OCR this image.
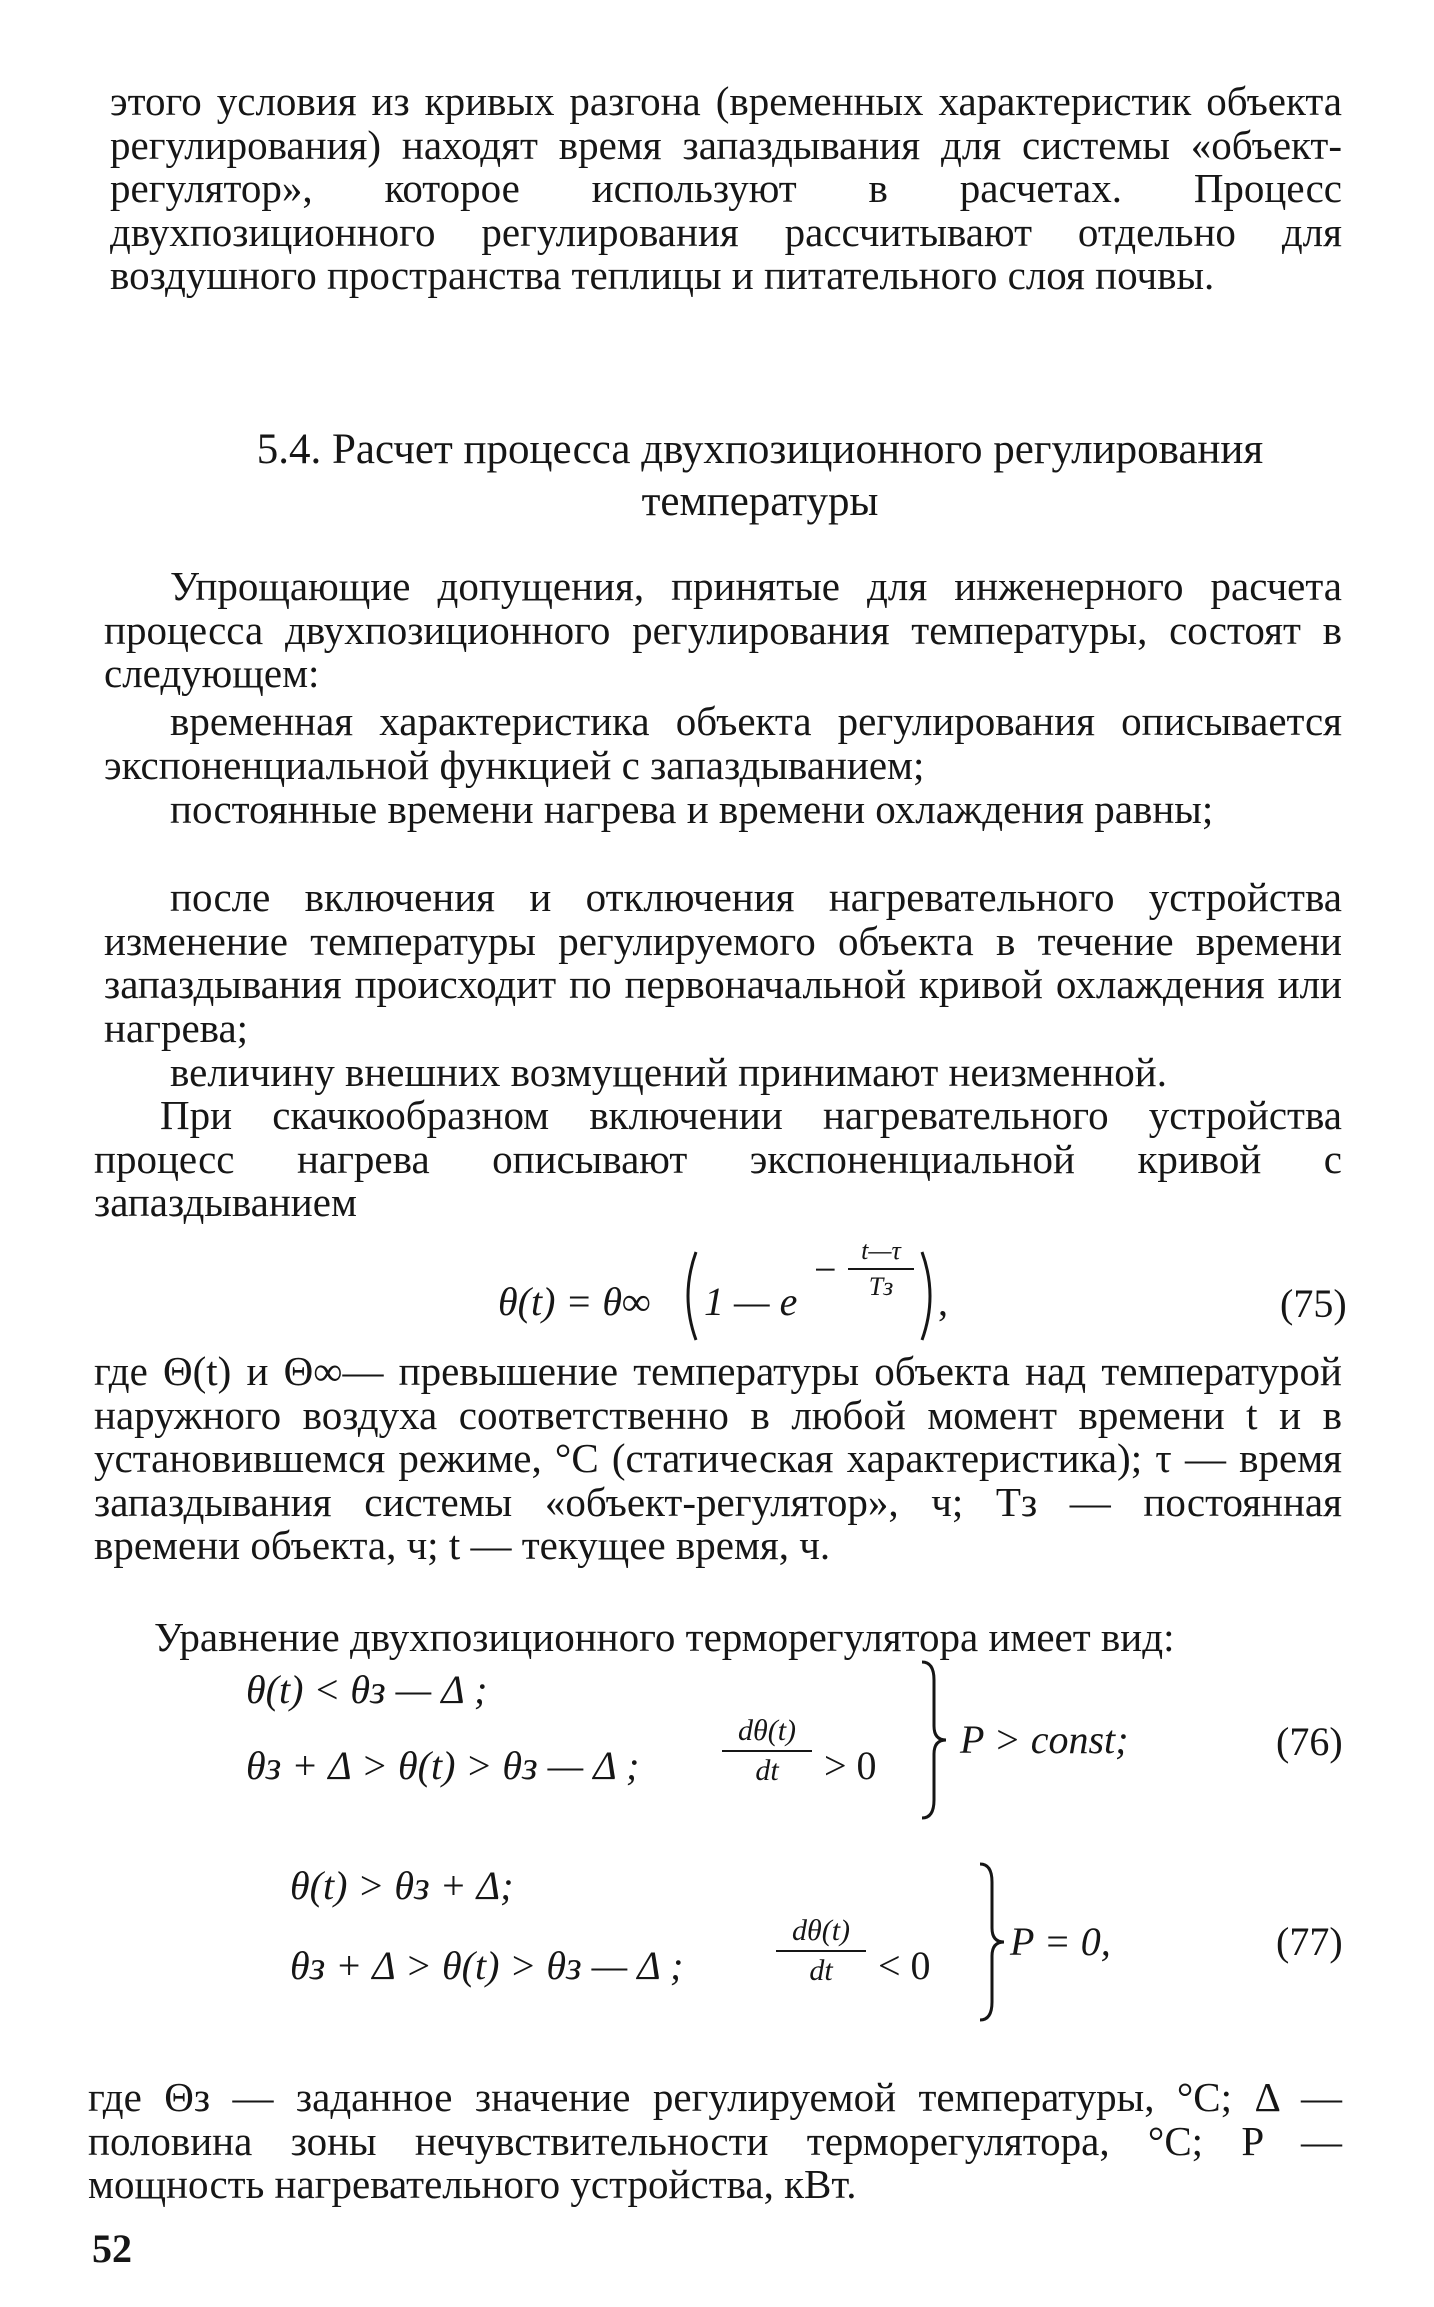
этого условия из кривых разгона (временных характеристик объекта регулирования) находят время запаздывания для системы «объект-регулятор», которое используют в расчетах. Процесс двухпозиционного регулирования рассчитывают отдельно для воздушного пространства теплицы и питательного слоя почвы.

5.4. Расчет процесса двухпозиционного регулирования температуры

Упрощающие допущения, принятые для инженерного расчета процесса двухпозиционного регулирования температуры, состоят в следующем:

временная характеристика объекта регулирования описывается экспоненциальной функцией с запаздыванием;

постоянные времени нагрева и времени охлаждения равны;

после включения и отключения нагревательного устройства изменение температуры регулируемого объекта в течение времени запаздывания происходит по первоначальной кривой охлаждения или нагрева;

величину внешних возмущений принимают неизменной.

При скачкообразном включении нагревательного устройства процесс нагрева описывают экспоненциальной кривой с запаздыванием

θ(t) = θ∞ 1 — e
− t—τ
Tз	,	(75)

где Θ(t) и Θ∞— превышение температуры объекта над температурой наружного воздуха соответственно в любой момент времени t и в установившемся режиме, °С (статическая характеристика); τ — время запаздывания системы «объект-регулятор», ч; Tз — постоянная времени объекта, ч; t — текущее время, ч.

Уравнение двухпозиционного терморегулятора имеет вид:

θ(t) < θз — Δ ;
θз + Δ > θ(t) > θз — Δ ;
dθ(t)
dt	> 0
P > const;	(76)
θ(t) > θз + Δ;
θз + Δ > θ(t) > θз — Δ ;
dθ(t)
dt	< 0
P = 0,	(77)

где Θз — заданное значение регулируемой температуры, °С; Δ — половина зоны нечувствительности терморегулятора, °С; P — мощность нагревательного устройства, кВт.

52
